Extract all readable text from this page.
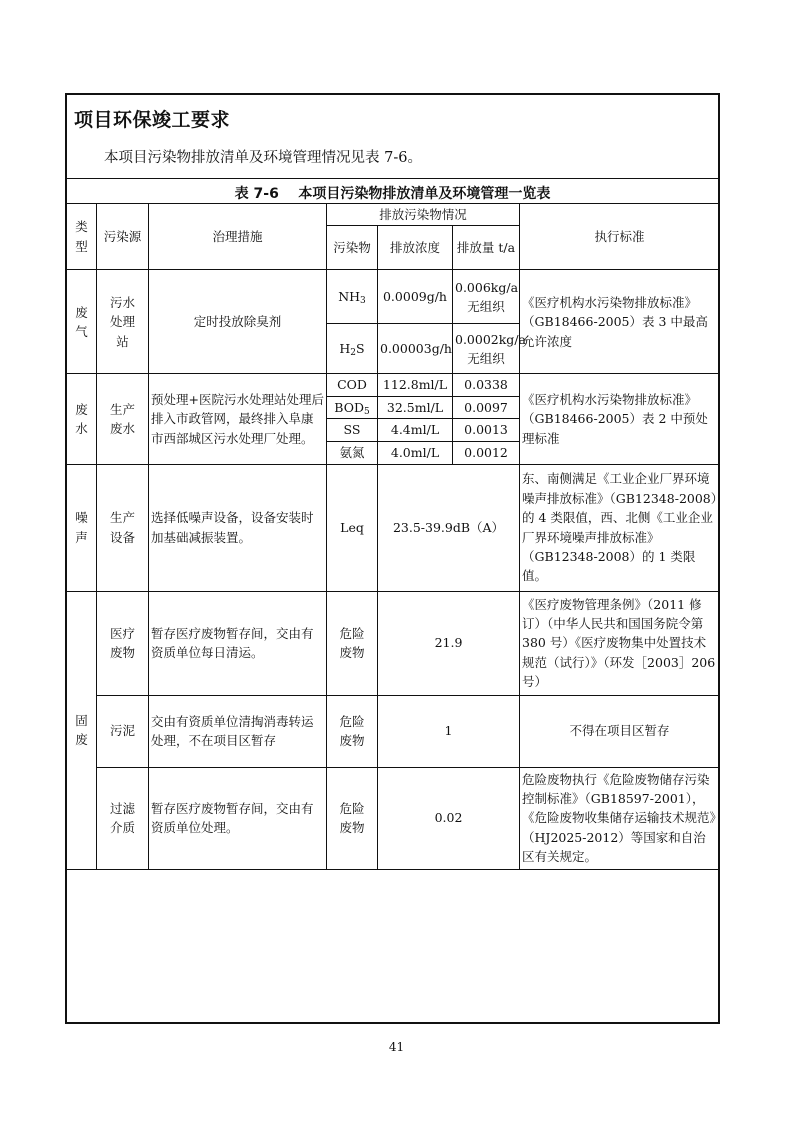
项目环保竣工要求
本项目污染物排放清单及环境管理情况见表 7-6。
表 7-6    本项目污染物排放清单及环境管理一览表
类型	污染源	治理措施	排放污染物情况			执行标准
			污染物	排放浓度	排放量 t/a	
废气	污水处理站	定时投放除臭剂	$NH_3$	0.0009g/h	0.006kg/a 无组织	《医疗机构水污染物排放标准》（GB18466-2005）表 3 中最高允许浓度
			$H_2S$	0.00003g/h	0.0002kg/a 无组织	
废水	生产废水	预处理+医院污水处理站处理后排入市政管网，最终排入阜康市西部城区污水处理厂处理。	COD	112.8ml/L	0.0338	《医疗机构水污染物排放标准》（GB18466-2005）表 2 中预处理标准
			$BOD_5$	32.5ml/L	0.0097	
			SS	4.4ml/L	0.0013	
			氨氮	4.0ml/L	0.0012	
噪声	生产设备	选择低噪声设备，设备安装时加基础减振装置。	Leq	23.5-39.9dB（A）		东、南侧满足《工业企业厂界环境噪声排放标准》（GB12348-2008）的 4 类限值，西、北侧《工业企业厂界环境噪声排放标准》（GB12348-2008）的 1 类限值。
固废	医疗废物	暂存医疗废物暂存间，交由有资质单位每日清运。	危险废物	21.9		《医疗废物管理条例》（2011 修订）（中华人民共和国国务院令第 380 号）《医疗废物集中处置技术规范（试行）》（环发［2003］206 号）
	污泥	交由有资质单位清掏消毒转运处理，不在项目区暂存	危险废物	1		不得在项目区暂存
	过滤介质	暂存医疗废物暂存间，交由有资质单位处理。	危险废物	0.02		危险废物执行《危险废物储存污染控制标准》（GB18597-2001），《危险废物收集储存运输技术规范》（HJ2025-2012）等国家和自治区有关规定。
41
